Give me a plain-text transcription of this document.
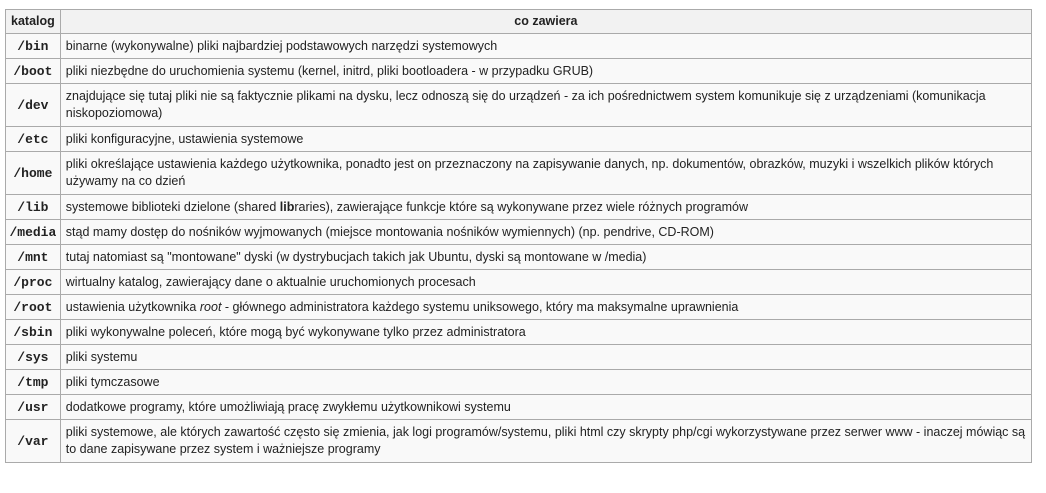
katalog	co zawiera
/bin	binarne (wykonywalne) pliki najbardziej podstawowych narzędzi systemowych
/boot	pliki niezbędne do uruchomienia systemu (kernel, initrd, pliki bootloadera - w przypadku GRUB)
/dev	znajdujące się tutaj pliki nie są faktycznie plikami na dysku, lecz odnoszą się do urządzeń - za ich pośrednictwem system komunikuje się z urządzeniami (komunikacja niskopoziomowa)
/etc	pliki konfiguracyjne, ustawienia systemowe
/home	pliki określające ustawienia każdego użytkownika, ponadto jest on przeznaczony na zapisywanie danych, np. dokumentów, obrazków, muzyki i wszelkich plików których używamy na co dzień
/lib	systemowe biblioteki dzielone (shared libraries), zawierające funkcje które są wykonywane przez wiele różnych programów
/media	stąd mamy dostęp do nośników wyjmowanych (miejsce montowania nośników wymiennych) (np. pendrive, CD-ROM)
/mnt	tutaj natomiast są "montowane" dyski (w dystrybucjach takich jak Ubuntu, dyski są montowane w /media)
/proc	wirtualny katalog, zawierający dane o aktualnie uruchomionych procesach
/root	ustawienia użytkownika root - głównego administratora każdego systemu uniksowego, który ma maksymalne uprawnienia
/sbin	pliki wykonywalne poleceń, które mogą być wykonywane tylko przez administratora
/sys	pliki systemu
/tmp	pliki tymczasowe
/usr	dodatkowe programy, które umożliwiają pracę zwykłemu użytkownikowi systemu
/var	pliki systemowe, ale których zawartość często się zmienia, jak logi programów/systemu, pliki html czy skrypty php/cgi wykorzystywane przez serwer www - inaczej mówiąc są to dane zapisywane przez system i ważniejsze programy
